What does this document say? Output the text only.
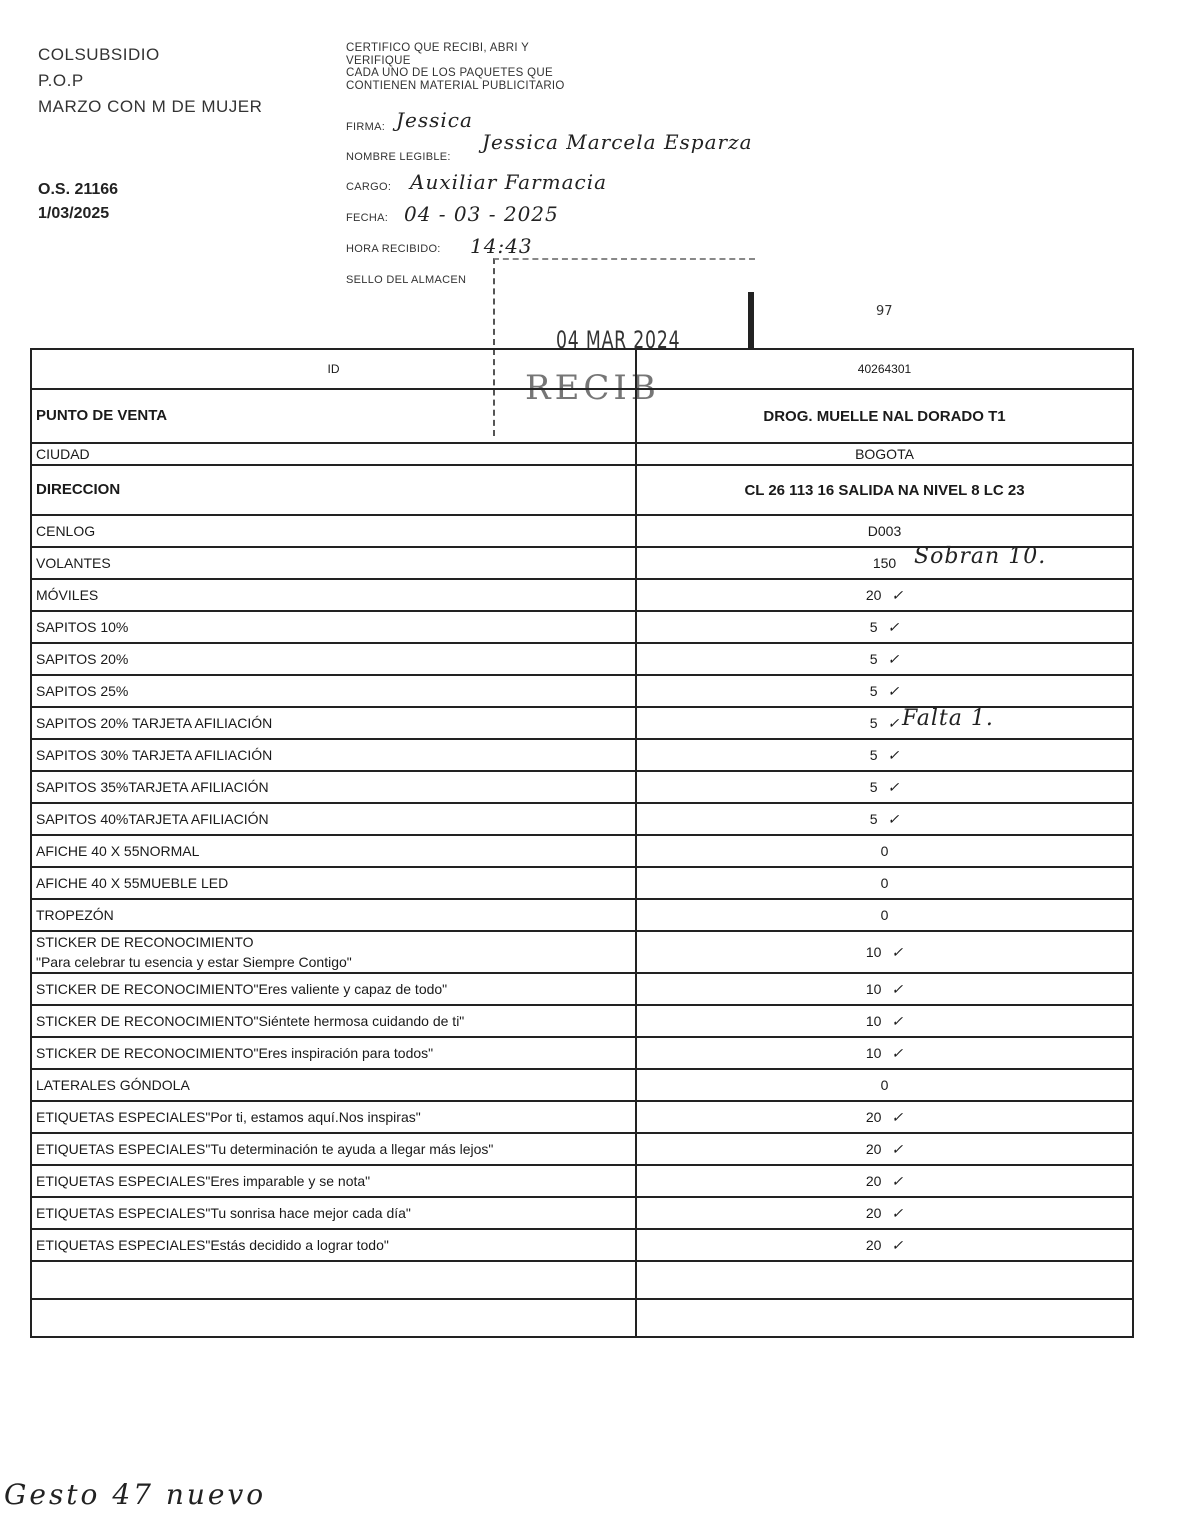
COLSUBSIDIO
P.O.P
MARZO CON M DE MUJER
O.S. 21166
1/03/2025
CERTIFICO QUE RECIBI, ABRI Y
VERIFIQUE
CADA UNO DE LOS PAQUETES QUE
CONTIENEN MATERIAL PUBLICITARIO
FIRMA: Jessica
NOMBRE LEGIBLE:
Jessica Marcela Esparza
CARGO: Auxiliar Farmacia
FECHA: 04 - 03 - 2025
HORA RECIBIDO: 14:43
SELLO DEL ALMACEN
04 MAR 2024
RECIB
97
ID	40264301
PUNTO DE VENTA	DROG. MUELLE NAL DORADO T1
CIUDAD	BOGOTA
DIRECCION	CL 26 113 16 SALIDA NA NIVEL 8 LC 23
CENLOG	D003
VOLANTES	150
MÓVILES	20 ✓
SAPITOS 10%	5 ✓
SAPITOS 20%	5 ✓
SAPITOS 25%	5 ✓
SAPITOS 20% TARJETA AFILIACIÓN	5 ✓
SAPITOS 30% TARJETA AFILIACIÓN	5 ✓
SAPITOS 35%TARJETA AFILIACIÓN	5 ✓
SAPITOS 40%TARJETA AFILIACIÓN	5 ✓
AFICHE 40 X 55NORMAL	0
AFICHE 40 X 55MUEBLE LED	0
TROPEZÓN	0
STICKER DE RECONOCIMIENTO
"Para celebrar tu esencia y estar Siempre Contigo"	10 ✓
STICKER DE RECONOCIMIENTO"Eres valiente y capaz de todo"	10 ✓
STICKER DE RECONOCIMIENTO"Siéntete hermosa cuidando de ti"	10 ✓
STICKER DE RECONOCIMIENTO"Eres inspiración para todos"	10 ✓
LATERALES GÓNDOLA	0
ETIQUETAS ESPECIALES"Por ti, estamos aquí.Nos inspiras"	20 ✓
ETIQUETAS ESPECIALES"Tu determinación te ayuda a llegar más lejos"	20 ✓
ETIQUETAS ESPECIALES"Eres imparable y se nota"	20 ✓
ETIQUETAS ESPECIALES"Tu sonrisa hace mejor cada día"	20 ✓
ETIQUETAS ESPECIALES"Estás decidido a lograr todo"	20 ✓

Sobran 10.
Falta 1.
Gesto 47 nuevo
